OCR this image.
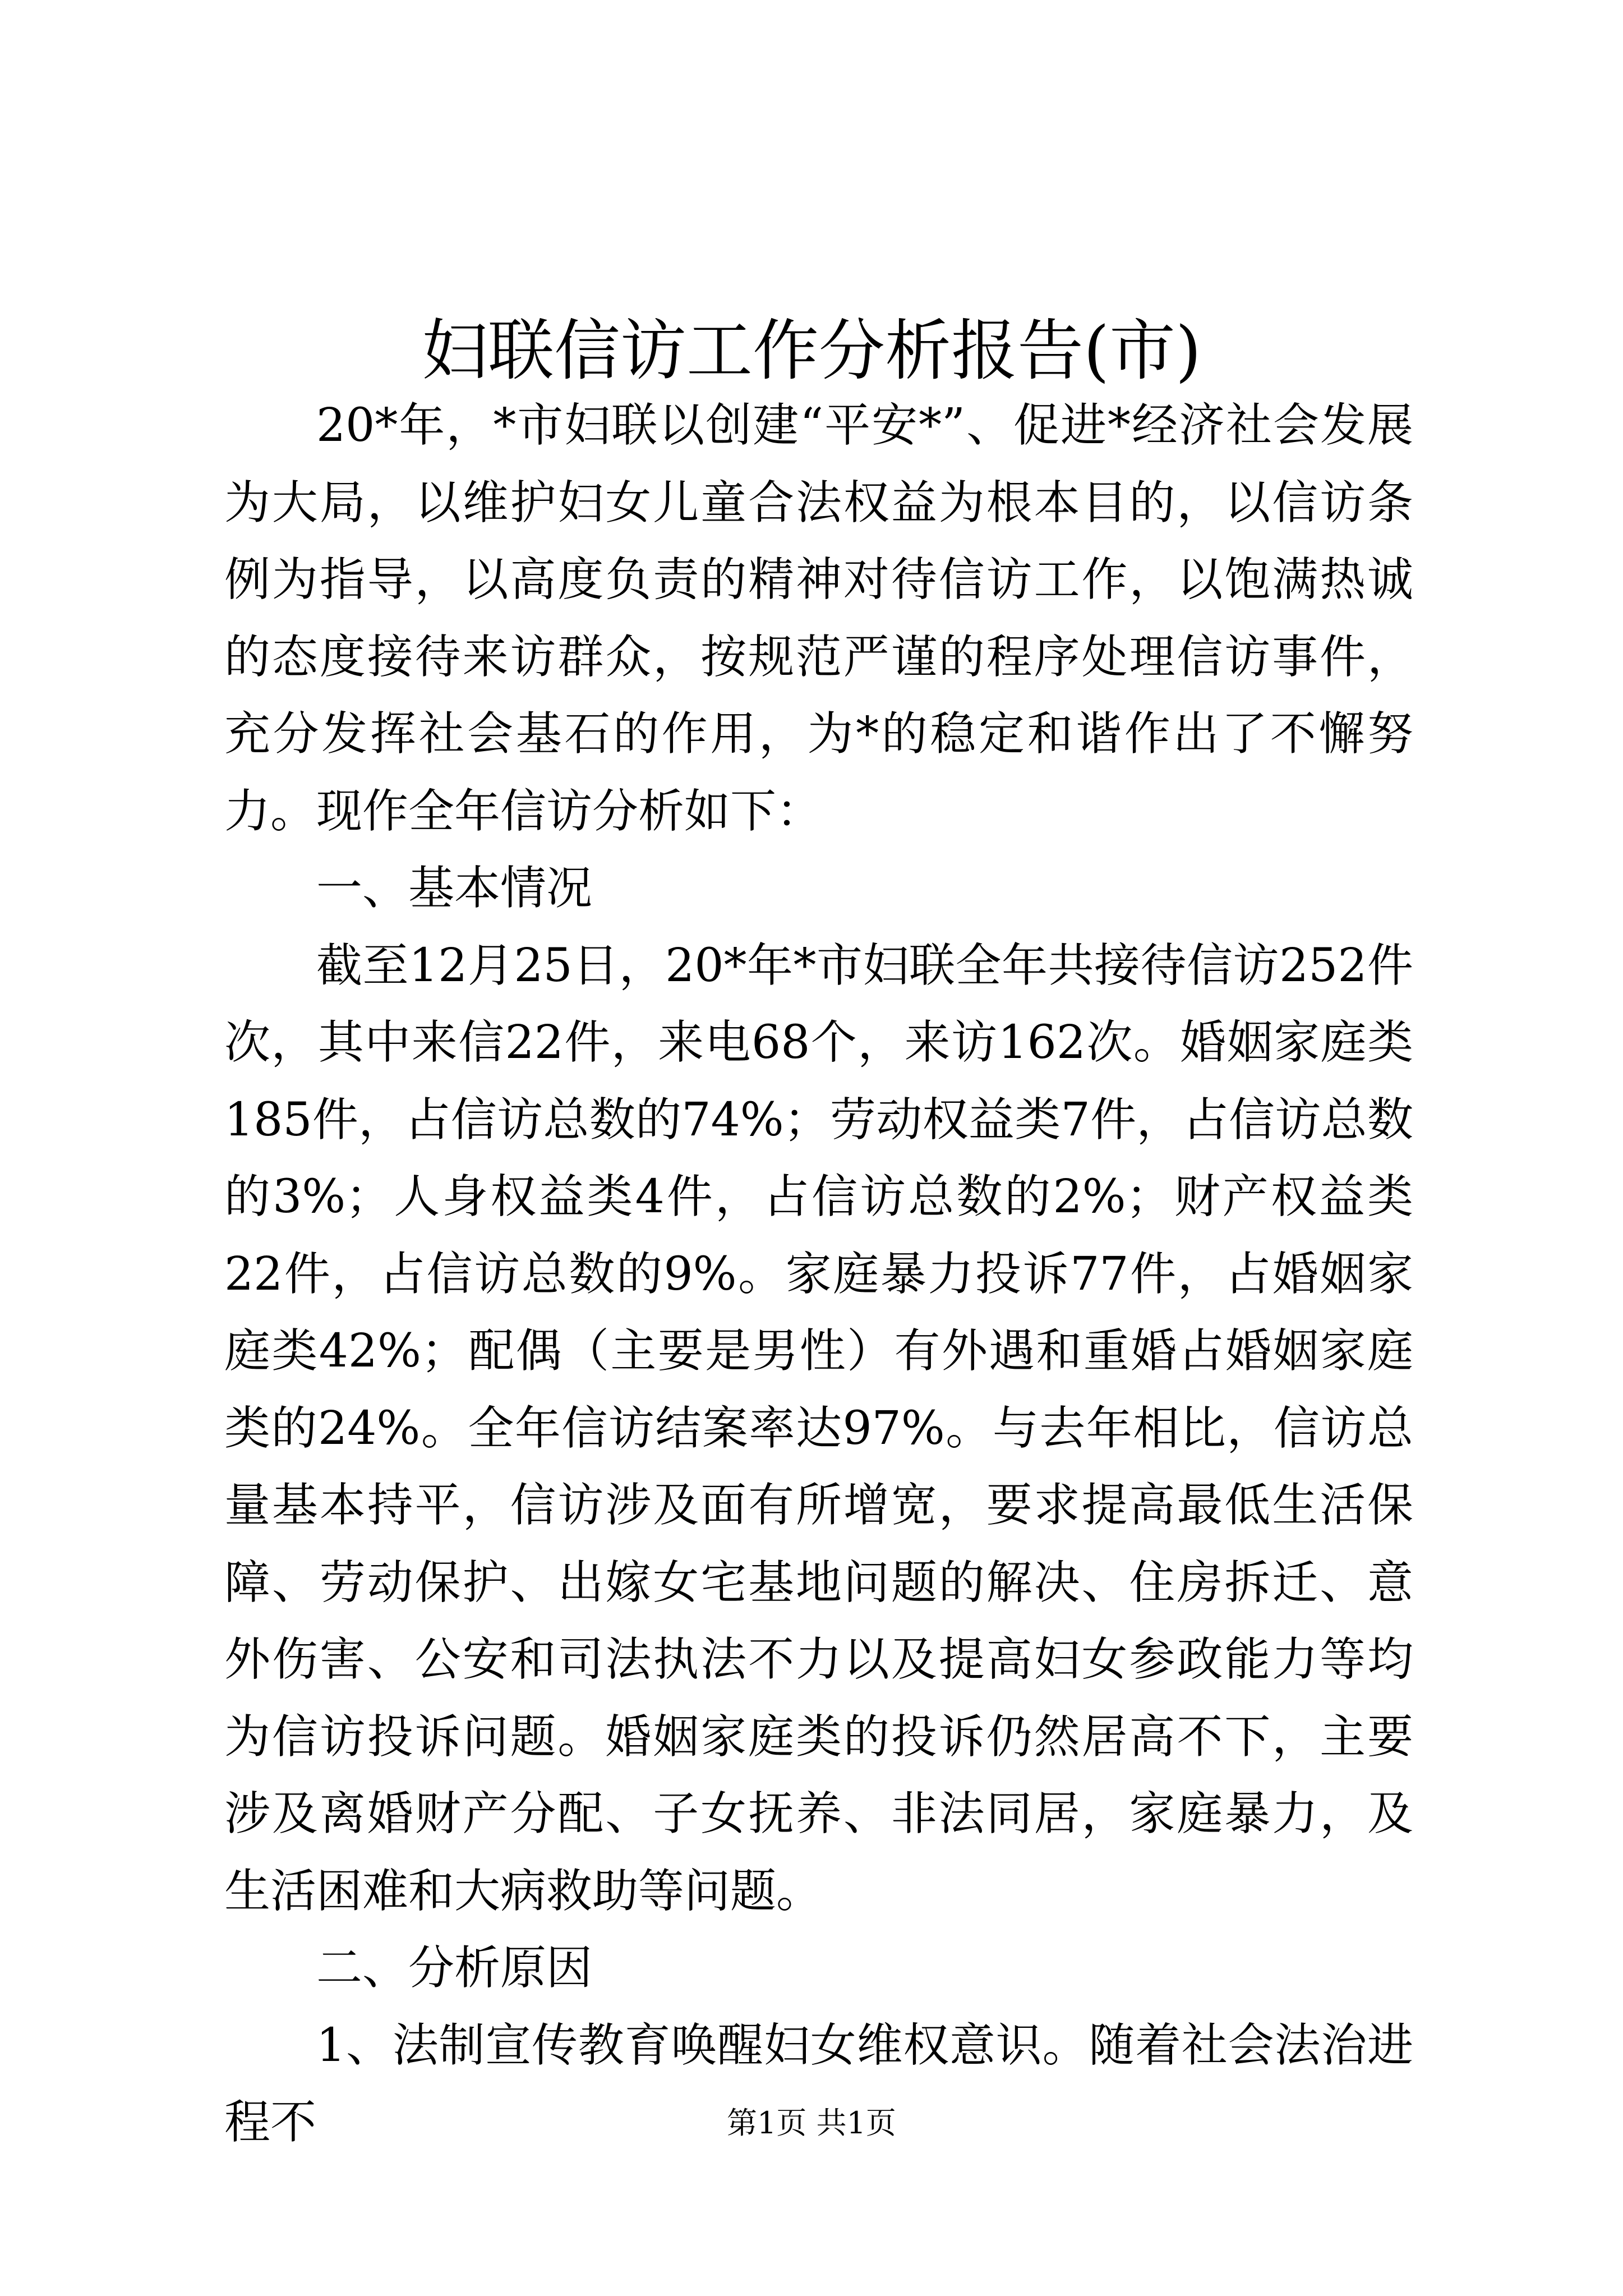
妇联信访工作分析报告(市)

20*年，*市妇联以创建“平安*”、促进*经济社会发展为大局，以维护妇女儿童合法权益为根本目的，以信访条例为指导，以高度负责的精神对待信访工作，以饱满热诚的态度接待来访群众，按规范严谨的程序处理信访事件，充分发挥社会基石的作用，为*的稳定和谐作出了不懈努力。现作全年信访分析如下：

一、基本情况

截至12月25日，20*年*市妇联全年共接待信访252件次，其中来信22件，来电68个，来访162次。婚姻家庭类185件，占信访总数的74%；劳动权益类7件，占信访总数的3%；人身权益类4件，占信访总数的2%；财产权益类22件，占信访总数的9%。家庭暴力投诉77件，占婚姻家庭类42%；配偶（主要是男性）有外遇和重婚占婚姻家庭类的24%。全年信访结案率达97%。与去年相比，信访总量基本持平，信访涉及面有所增宽，要求提高最低生活保障、劳动保护、出嫁女宅基地问题的解决、住房拆迁、意外伤害、公安和司法执法不力以及提高妇女参政能力等均为信访投诉问题。婚姻家庭类的投诉仍然居高不下，主要涉及离婚财产分配、子女抚养、非法同居，家庭暴力，及生活困难和大病救助等问题。

二、分析原因

1、法制宣传教育唤醒妇女维权意识。随着社会法治进程不	第1页 共1页
